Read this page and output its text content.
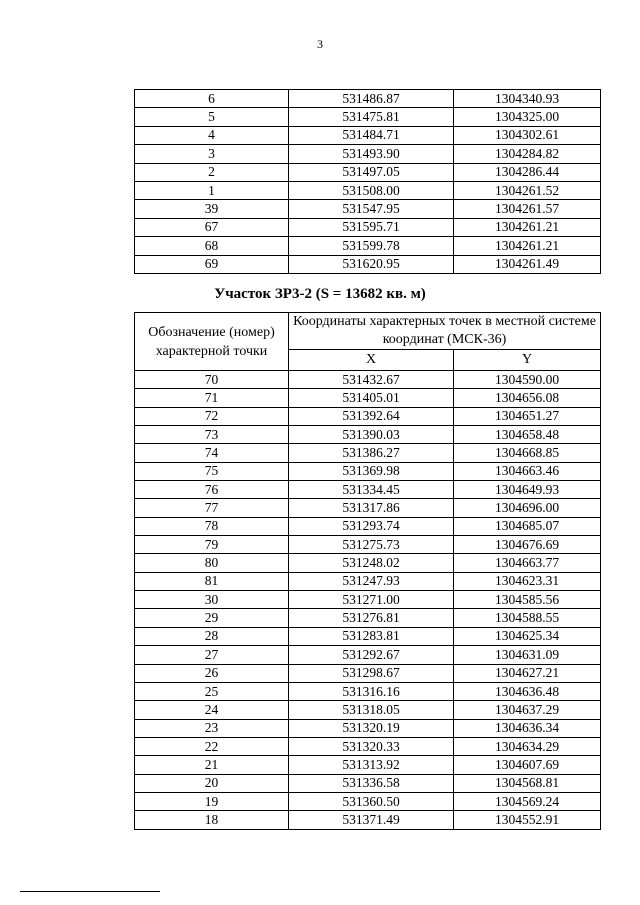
3
6	531486.87	1304340.93
5	531475.81	1304325.00
4	531484.71	1304302.61
3	531493.90	1304284.82
2	531497.05	1304286.44
1	531508.00	1304261.52
39	531547.95	1304261.57
67	531595.71	1304261.21
68	531599.78	1304261.21
69	531620.95	1304261.49
Участок ЗР3-2 (S = 13682 кв. м)
Обозначение (номер) характерной точки	Координаты характерных точек в местной системе координат (МСК-36)	
	X	Y
70	531432.67	1304590.00
71	531405.01	1304656.08
72	531392.64	1304651.27
73	531390.03	1304658.48
74	531386.27	1304668.85
75	531369.98	1304663.46
76	531334.45	1304649.93
77	531317.86	1304696.00
78	531293.74	1304685.07
79	531275.73	1304676.69
80	531248.02	1304663.77
81	531247.93	1304623.31
30	531271.00	1304585.56
29	531276.81	1304588.55
28	531283.81	1304625.34
27	531292.67	1304631.09
26	531298.67	1304627.21
25	531316.16	1304636.48
24	531318.05	1304637.29
23	531320.19	1304636.34
22	531320.33	1304634.29
21	531313.92	1304607.69
20	531336.58	1304568.81
19	531360.50	1304569.24
18	531371.49	1304552.91
